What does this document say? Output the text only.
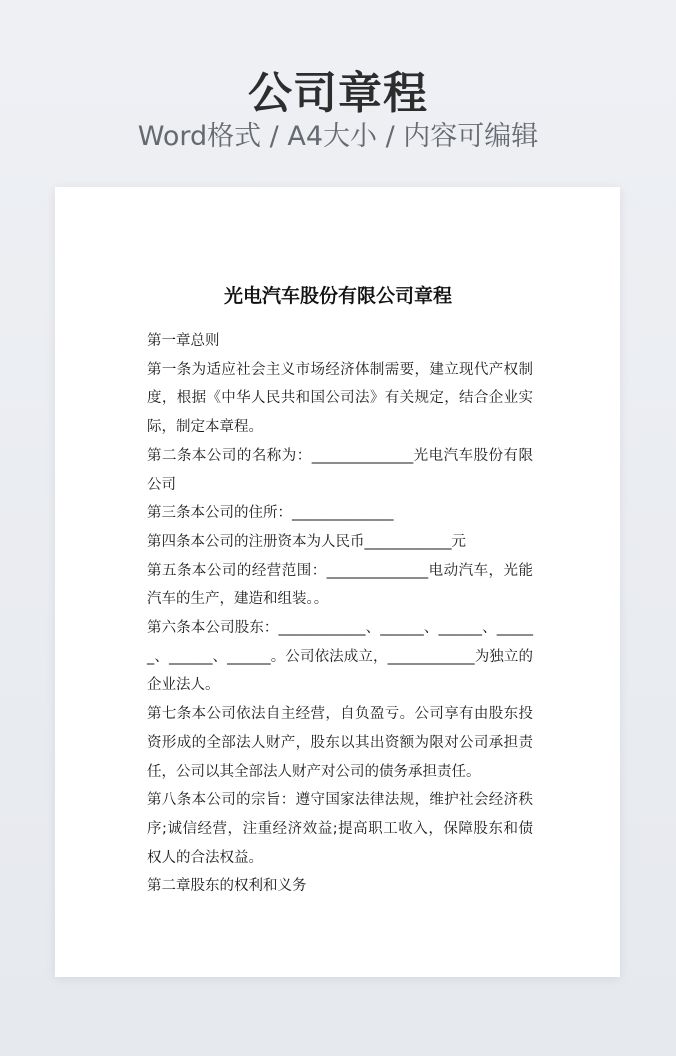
公司章程
Word格式 / A4大小 / 内容可编辑
光电汽车股份有限公司章程

第一章总则

第一条为适应社会主义市场经济体制需要，建立现代产权制度，根据《中华人民共和国公司法》有关规定，结合企业实际，制定本章程。

第二条本公司的名称为：______________光电汽车股份有限公司

第三条本公司的住所：______________

第四条本公司的注册资本为人民币____________元

第五条本公司的经营范围：______________电动汽车，光能汽车的生产，建造和组装。。

第六条本公司股东：____________、______、______、______、______、______。公司依法成立，____________为独立的企业法人。

第七条本公司依法自主经营，自负盈亏。公司享有由股东投资形成的全部法人财产，股东以其出资额为限对公司承担责任，公司以其全部法人财产对公司的债务承担责任。

第八条本公司的宗旨：遵守国家法律法规，维护社会经济秩序;诚信经营，注重经济效益;提高职工收入，保障股东和债权人的合法权益。

第二章股东的权利和义务
